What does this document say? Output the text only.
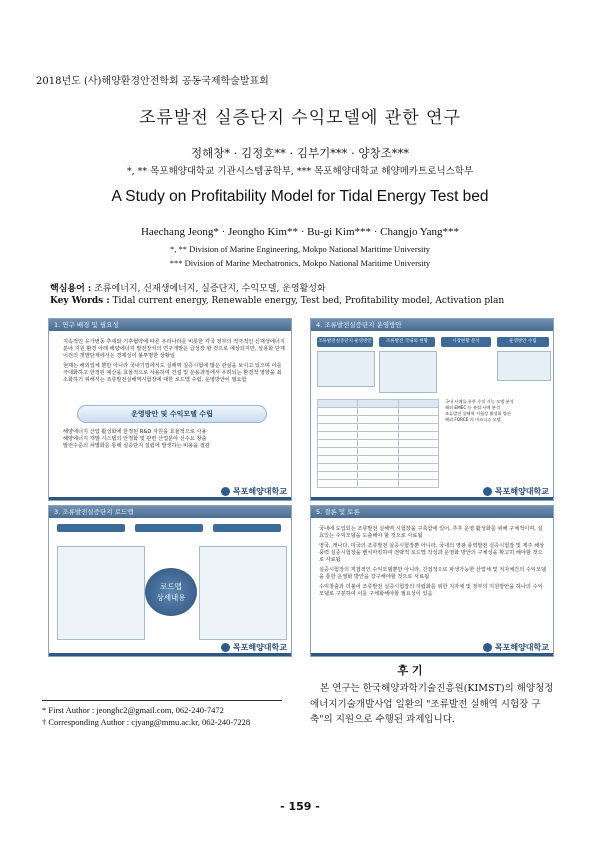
2018년도 (사)해양환경안전학회 공동국제학술발표회
조류발전 실증단지 수익모델에 관한 연구
정해창* · 김정호** · 김부기*** · 양창조***
*, ** 목포해양대학교 기관시스템공학부, *** 목포해양대학교 해양메카트로닉스학부
A Study on Profitability Model for Tidal Energy Test bed
Haechang Jeong* · Jeongho Kim** · Bu-gi Kim*** · Changjo Yang***
*, ** Division of Marine Engineering, Mokpo National Maritime University
*** Division of Marine Mechatronics, Mokpo National Maritime University
핵심용어 : 조류에너지, 신재생에너지, 실증단지, 수익모델, 운영활성화
Key Words : Tidal current energy, Renewable energy, Test bed, Profitability model, Activation plan
1. 연구 배경 및 필요성
지속적인 유가변동 추세와 기후협약에 따른 우리나라를 비롯한 각국 정부의 적극적인 신재생에너지 분야 지원 환경 아래 해양에너지 발전장치의 연구개발은 급성장 할 것으로 예상되지만, 상용화 단계 이전의 개발단계에서는 경제성이 불투명한 상황임
현재는 해외업체 뿐만 아니라 국내기업에서도 실해역 실증시험에 많은 관심을 보이고 있으며 이를 극대화하고 한정된 예산을 효율적으로 사용하여 건설 및 운용과정에서 우려되는 환경적 영향을 최소화하기 위해서는 조류발전실해역시험장에 대한 로드맵 수립, 운영방안이 필요함
운영방안 및 수익모델 수립
해양에너지 산업 활성화에 한정된 R&D 자원을 효율적으로 사용
해양에너지 개발 시스템의 안정화 및 관련 산업분야 신수요 창출
발전수준의 차별화를 통해 실증단지 설립에 발생하는 비용을 절감
목포해양대학교
4. 조류발전실증단지 운영방안
조류발전실증단지 운영방안	조류발전 국내외 현황	시장현황 분석	운영방안 수립

국내 사례를 통한 수익 가능 모델 분석
해외 EMEC 등 유럽 사례 분석
조류발전 실해역 시험장 활성화 방안
해외 FORCE 의 비즈니스 모델
목포해양대학교
3. 조류발전실증단지 로드맵
로드맵
상세내용
목포해양대학교
5. 결론 및 토론
국내에 도입되는 조류발전 실해역 시험장을 구축함에 있어, 추후 운영 활성화를 위해 구체적이며, 실효있는 수익모델을 도출해야 할 것으로 사료됨
영국, 캐나다, 미국의 조류발전 실증시험장뿐 아니라, 국내의 영광 풍력발전 실증시험장 및 제주 해상풍력 실증시험장을 벤치마킹하여 전략적 로드맵 작성과 운영화 방안의 구체성을 확고히 해야할 것으로 사료됨
실증시험장의 직접적인 수익모델뿐만 아니라, 간접적으로 파생가능한 산업체 및 지자체간의 수익모델을 통한 운영화 방안을 강구해야할 것으로 사료됨
수익창출과 더불어 조류발전 실증시험장의 자립화를 위한 지자체 및 정부의 지원방안을 하나의 수익모델로 구분하여 이를 구체화해야할 필요성이 있음
목포해양대학교
* First Author : jeonghc2@gmail.com, 062-240-7472
† Corresponding Author : cjyang@mmu.ac.kr, 062-240-7228
후 기
본 연구는 한국해양과학기술진흥원(KIMST)의 해양청정에너지기술개발사업 일환의 "조류발전 실해역 시험장 구축"의 지원으로 수행된 과제입니다.
- 159 -
